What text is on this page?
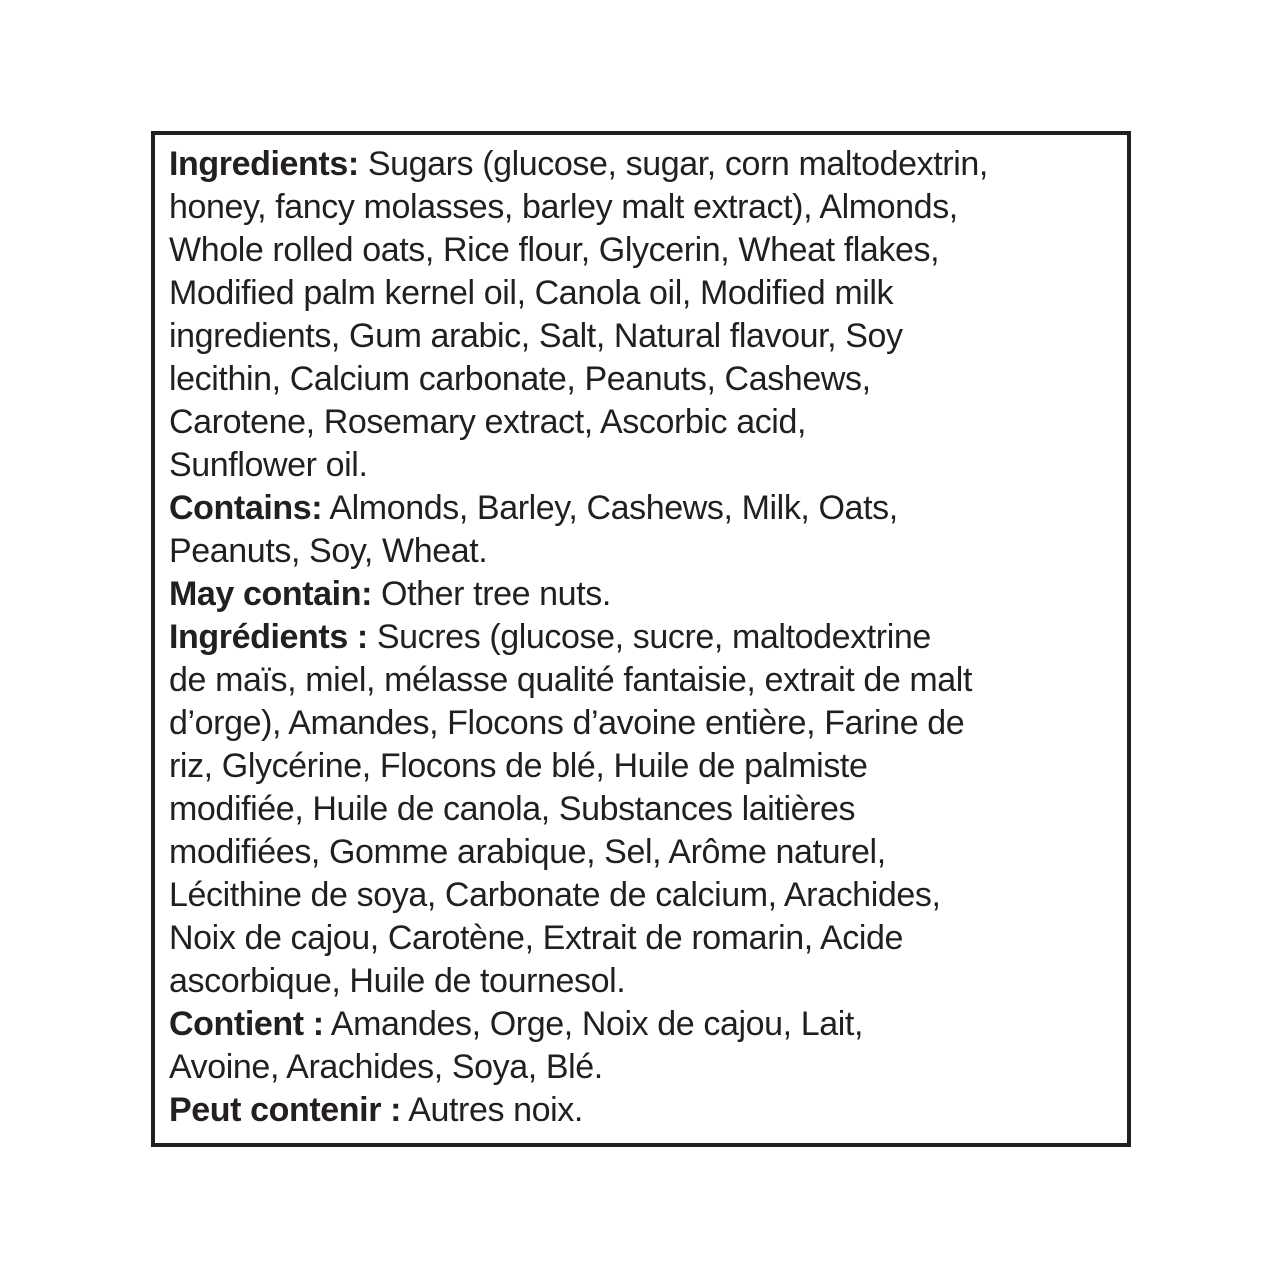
Ingredients: Sugars (glucose, sugar, corn maltodextrin,
honey, fancy molasses, barley malt extract), Almonds,
Whole rolled oats, Rice flour, Glycerin, Wheat flakes,
Modified palm kernel oil, Canola oil, Modified milk
ingredients, Gum arabic, Salt, Natural flavour, Soy
lecithin, Calcium carbonate, Peanuts, Cashews,
Carotene, Rosemary extract, Ascorbic acid,
Sunflower oil.
Contains: Almonds, Barley, Cashews, Milk, Oats,
Peanuts, Soy, Wheat.
May contain: Other tree nuts.
Ingrédients : Sucres (glucose, sucre, maltodextrine
de maïs, miel, mélasse qualité fantaisie, extrait de malt
d’orge), Amandes, Flocons d’avoine entière, Farine de
riz, Glycérine, Flocons de blé, Huile de palmiste
modifiée, Huile de canola, Substances laitières
modifiées, Gomme arabique, Sel, Arôme naturel,
Lécithine de soya, Carbonate de calcium, Arachides,
Noix de cajou, Carotène, Extrait de romarin, Acide
ascorbique, Huile de tournesol.
Contient : Amandes, Orge, Noix de cajou, Lait,
Avoine, Arachides, Soya, Blé.
Peut contenir : Autres noix.
